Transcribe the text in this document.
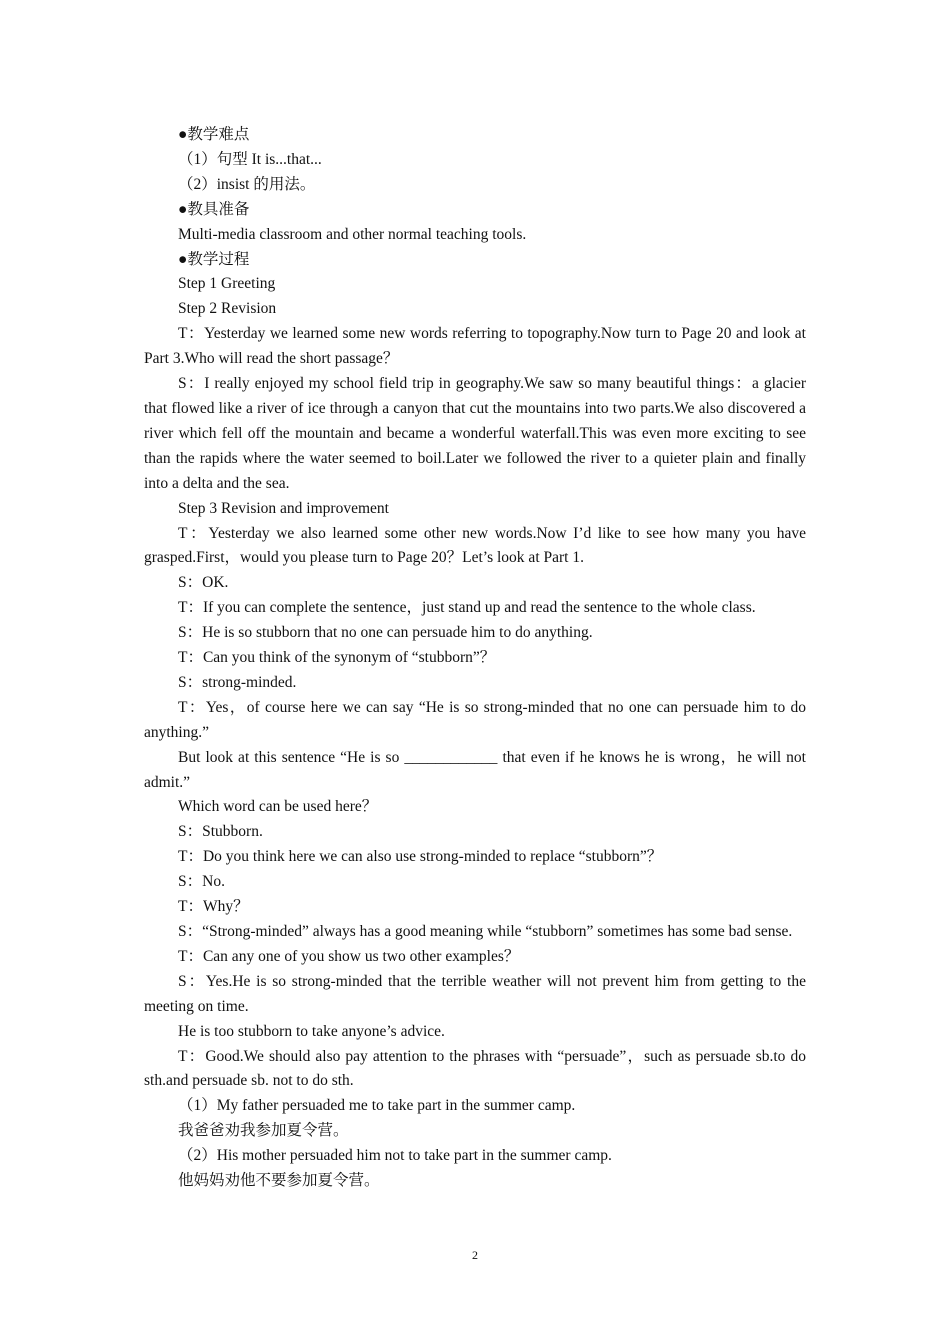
●教学难点

（1）句型 It is...that...

（2）insist 的用法。

●教具准备

Multi-media classroom and other normal teaching tools.

●教学过程

Step 1 Greeting

Step 2 Revision

T：Yesterday we learned some new words referring to topography.Now turn to Page 20 and look at Part 3.Who will read the short passage？

S：I really enjoyed my school field trip in geography.We saw so many beautiful things：a glacier that flowed like a river of ice through a canyon that cut the mountains into two parts.We also discovered a river which fell off the mountain and became a wonderful waterfall.This was even more exciting to see than the rapids where the water seemed to boil.Later we followed the river to a quieter plain and finally into a delta and the sea.

Step 3 Revision and improvement

T：Yesterday we also learned some other new words.Now I’d like to see how many you have grasped.First，would you please turn to Page 20？Let’s look at Part 1.

S：OK.

T：If you can complete the sentence，just stand up and read the sentence to the whole class.

S：He is so stubborn that no one can persuade him to do anything.

T：Can you think of the synonym of “stubborn”？

S：strong-minded.

T：Yes，of course here we can say “He is so strong-minded that no one can persuade him to do anything.”

But look at this sentence “He is so ____________ that even if he knows he is wrong，he will not admit.”

Which word can be used here？

S：Stubborn.

T：Do you think here we can also use strong-minded to replace “stubborn”？

S：No.

T：Why？

S：“Strong-minded” always has a good meaning while “stubborn” sometimes has some bad sense.

T：Can any one of you show us two other examples？

S：Yes.He is so strong-minded that the terrible weather will not prevent him from getting to the meeting on time.

He is too stubborn to take anyone’s advice.

T：Good.We should also pay attention to the phrases with “persuade”，such as persuade sb.to do sth.and persuade sb. not to do sth.

（1）My father persuaded me to take part in the summer camp.

我爸爸劝我参加夏令营。

（2）His mother persuaded him not to take part in the summer camp.

他妈妈劝他不要参加夏令营。

2
